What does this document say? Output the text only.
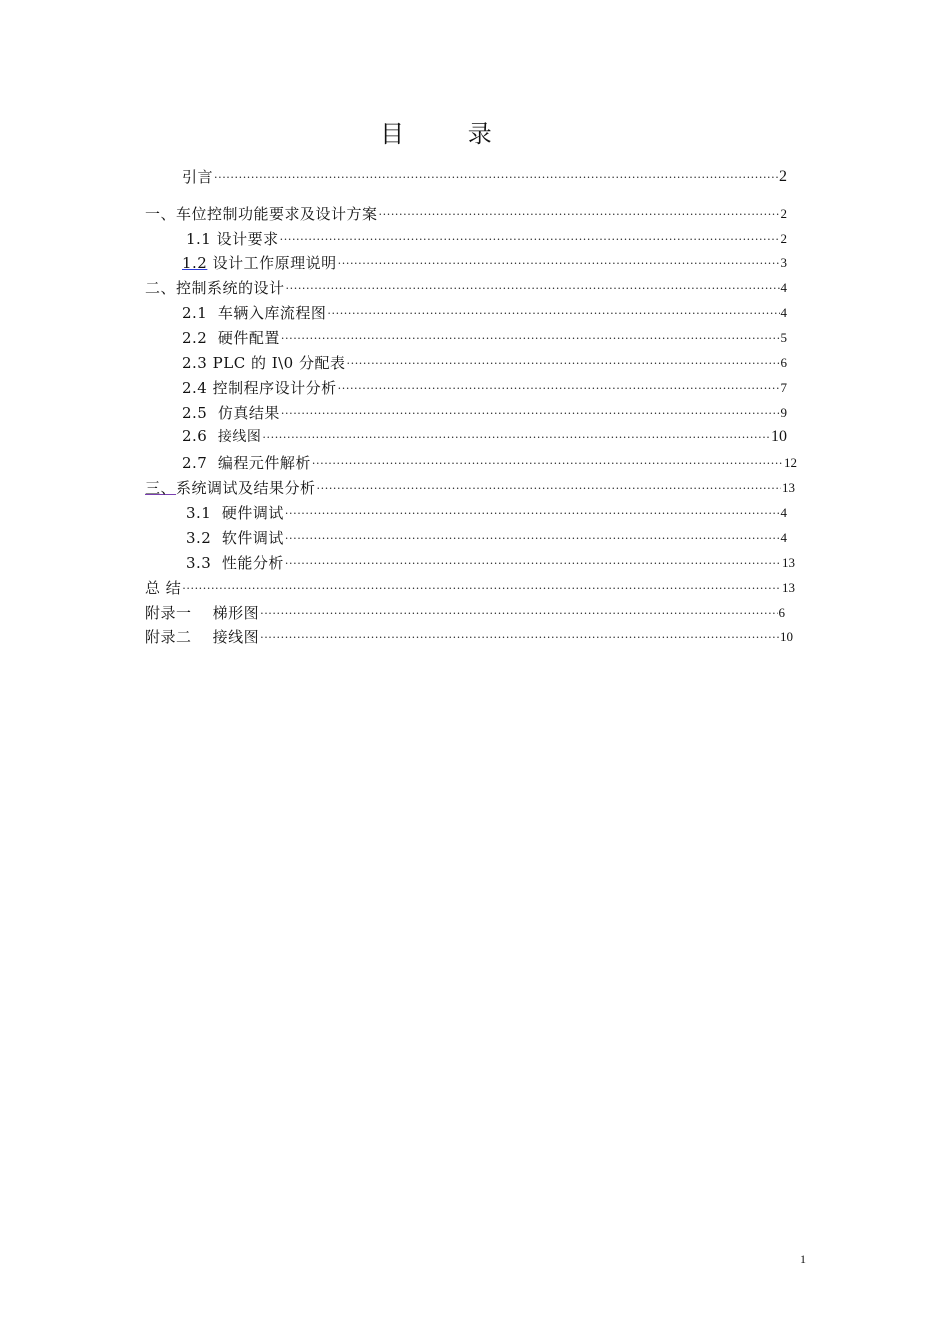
目 录
引言 .....	2
一、车位控制功能要求及设计方案 .....	2
1.1 设计要求 .....	2
1.2 设计工作原理说明 .....	3
二、控制系统的设计 .....	4
2.1 车辆入库流程图 .....	4
2.2 硬件配置 .....	5
2.3 PLC 的 I\0 分配表 .....	6
2.4 控制程序设计分析 .....	7
2.5 仿真结果 .....	9
2.6 接线图 .....	10
2.7 编程元件解析 .....	12
三、系统调试及结果分析 .....	13
3.1 硬件调试 .....	4
3.2 软件调试 .....	4
3.3 性能分析 .....	13
总 结 .....	13
附录一 梯形图 .....	6
附录二 接线图 .....	10
1
